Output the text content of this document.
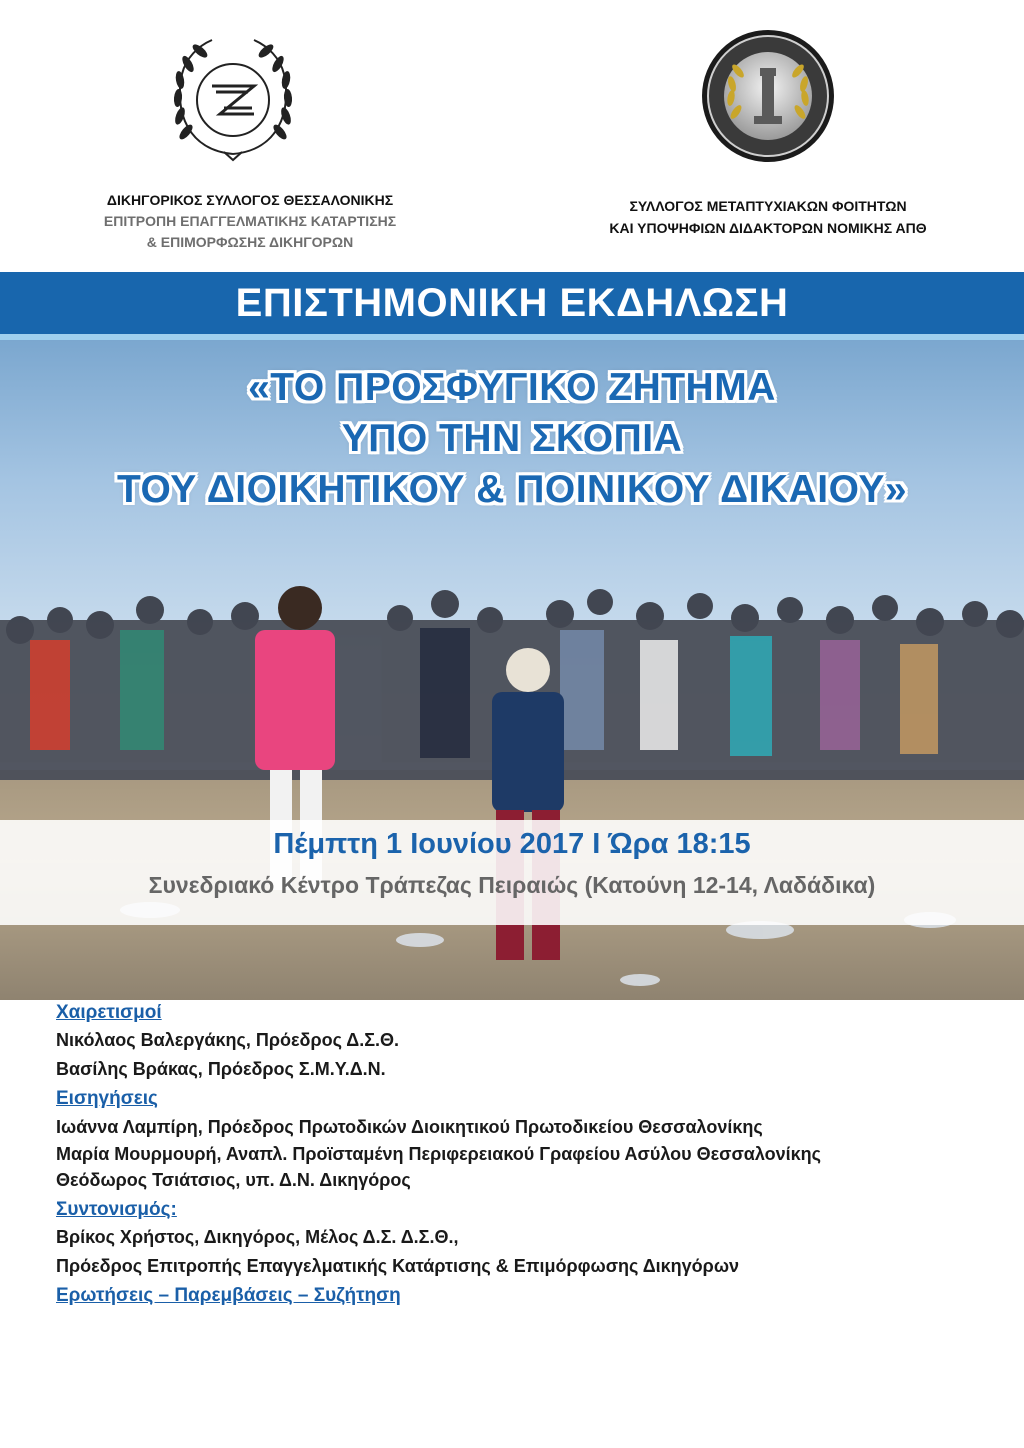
ΔΙΚΗΓΟΡΙΚΟΣ ΣΥΛΛΟΓΟΣ ΘΕΣΣΑΛΟΝΙΚΗΣ
ΕΠΙΤΡΟΠΗ ΕΠΑΓΓΕΛΜΑΤΙΚΗΣ ΚΑΤΑΡΤΙΣΗΣ
& ΕΠΙΜΟΡΦΩΣΗΣ ΔΙΚΗΓΟΡΩΝ
ΣΥΛΛΟΓΟΣ ΜΕΤΑΠΤΥΧΙΑΚΩΝ ΦΟΙΤΗΤΩΝ
ΚΑΙ ΥΠΟΨΗΦΙΩΝ ΔΙΔΑΚΤΟΡΩΝ ΝΟΜΙΚΗΣ ΑΠΘ
ΕΠΙΣΤΗΜΟΝΙΚΗ ΕΚΔΗΛΩΣΗ
«ΤΟ ΠΡΟΣΦΥΓΙΚΟ ΖΗΤΗΜΑ
ΥΠΟ ΤΗΝ ΣΚΟΠΙΑ
ΤΟΥ ΔΙΟΙΚΗΤΙΚΟΥ & ΠΟΙΝΙΚΟΥ ΔΙΚΑΙΟΥ»
Πέμπτη 1 Ιουνίου 2017 Ι Ώρα 18:15
Συνεδριακό Κέντρο Τράπεζας Πειραιώς (Κατούνη 12-14, Λαδάδικα)
Χαιρετισμοί
Νικόλαος Βαλεργάκης, Πρόεδρος Δ.Σ.Θ.
Βασίλης Βράκας, Πρόεδρος Σ.Μ.Υ.Δ.Ν.
Εισηγήσεις
Ιωάννα Λαμπίρη, Πρόεδρος Πρωτοδικών Διοικητικού Πρωτοδικείου Θεσσαλονίκης
Μαρία Μουρμουρή, Αναπλ. Προϊσταμένη Περιφερειακού Γραφείου Ασύλου Θεσσαλονίκης
Θεόδωρος Τσιάτσιος, υπ. Δ.Ν. Δικηγόρος
Συντονισμός:
Βρίκος Χρήστος, Δικηγόρος, Μέλος Δ.Σ. Δ.Σ.Θ.,
Πρόεδρος Επιτροπής Επαγγελματικής Κατάρτισης & Επιμόρφωσης Δικηγόρων
Ερωτήσεις – Παρεμβάσεις – Συζήτηση
